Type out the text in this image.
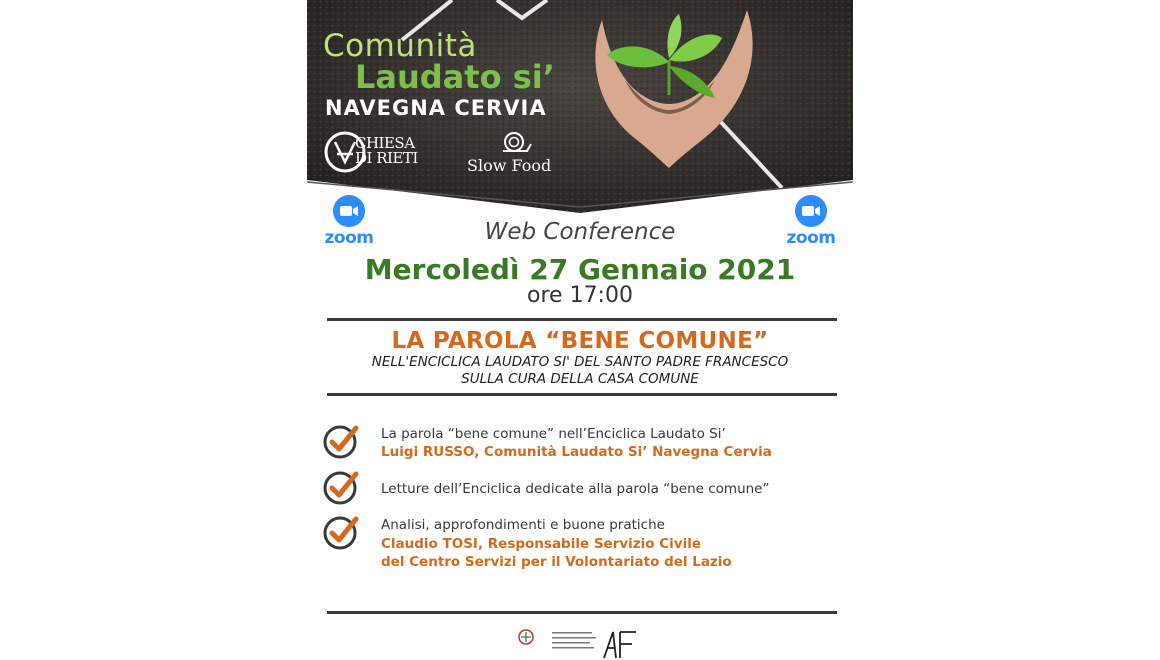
Comunità
Laudato si’
NAVEGNA CERVIA
CHIESA DI RIETI	Slow Food
zoom	zoom
Web Conference
Mercoledì 27 Gennaio 2021
ore 17:00
LA PAROLA “BENE COMUNE”
NELL'ENCICLICA LAUDATO SI' DEL SANTO PADRE FRANCESCO
SULLA CURA DELLA CASA COMUNE
La parola “bene comune” nell’Enciclica Laudato Si’
Luigi RUSSO, Comunità Laudato Si’ Navegna Cervia
Letture dell’Enciclica dedicate alla parola “bene comune”
Analisi, approfondimenti e buone pratiche
Claudio TOSI, Responsabile Servizio Civile
del Centro Servizi per il Volontariato del Lazio
